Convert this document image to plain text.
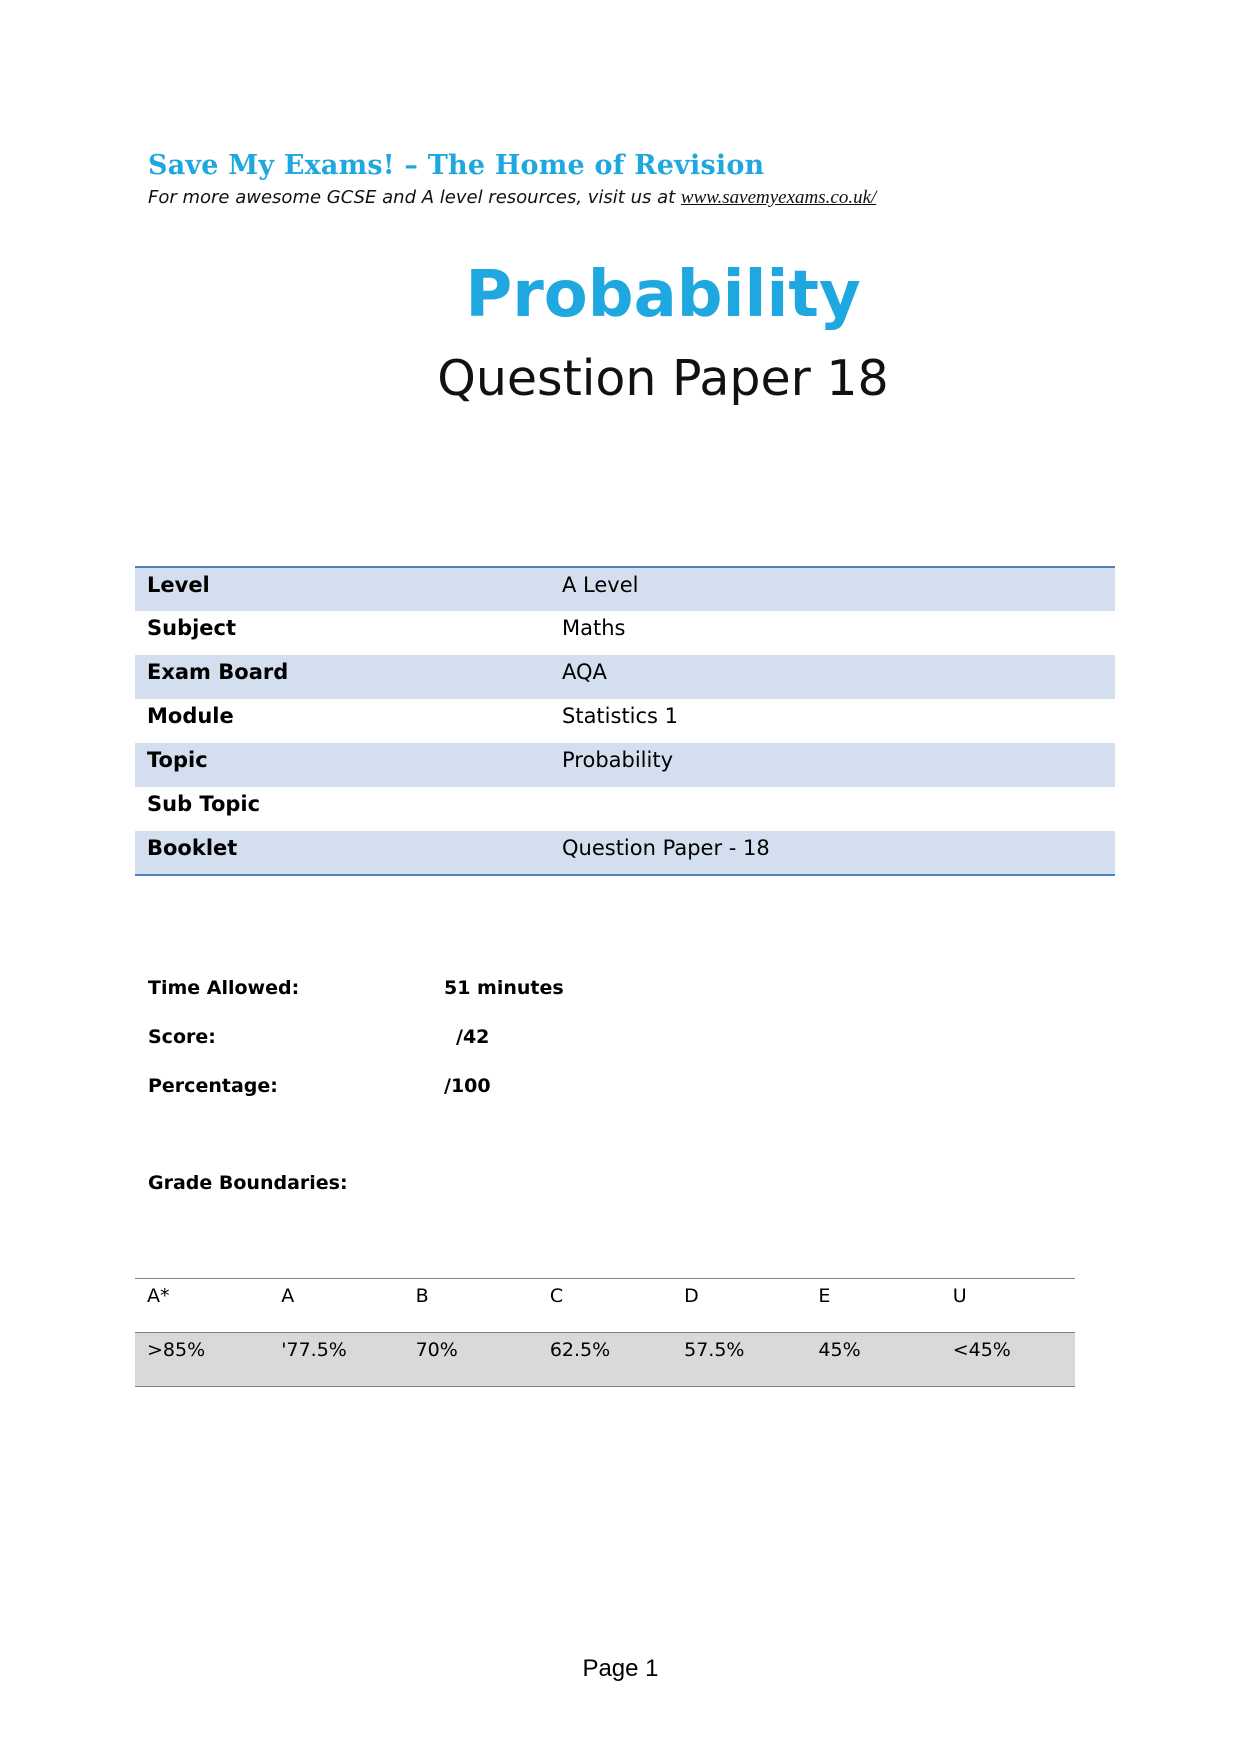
Save My Exams! – The Home of Revision
For more awesome GCSE and A level resources, visit us at www.savemyexams.co.uk/
Probability
Question Paper 18
Level	A Level
Subject	Maths
Exam Board	AQA
Module	Statistics 1
Topic	Probability
Sub Topic	
Booklet	Question Paper - 18
Time Allowed:	51 minutes
Score:	/42
Percentage:	/100
Grade Boundaries:
A*	A	B	C	D	E	U
>85%	'77.5%	70%	62.5%	57.5%	45%	<45%
Page 1
